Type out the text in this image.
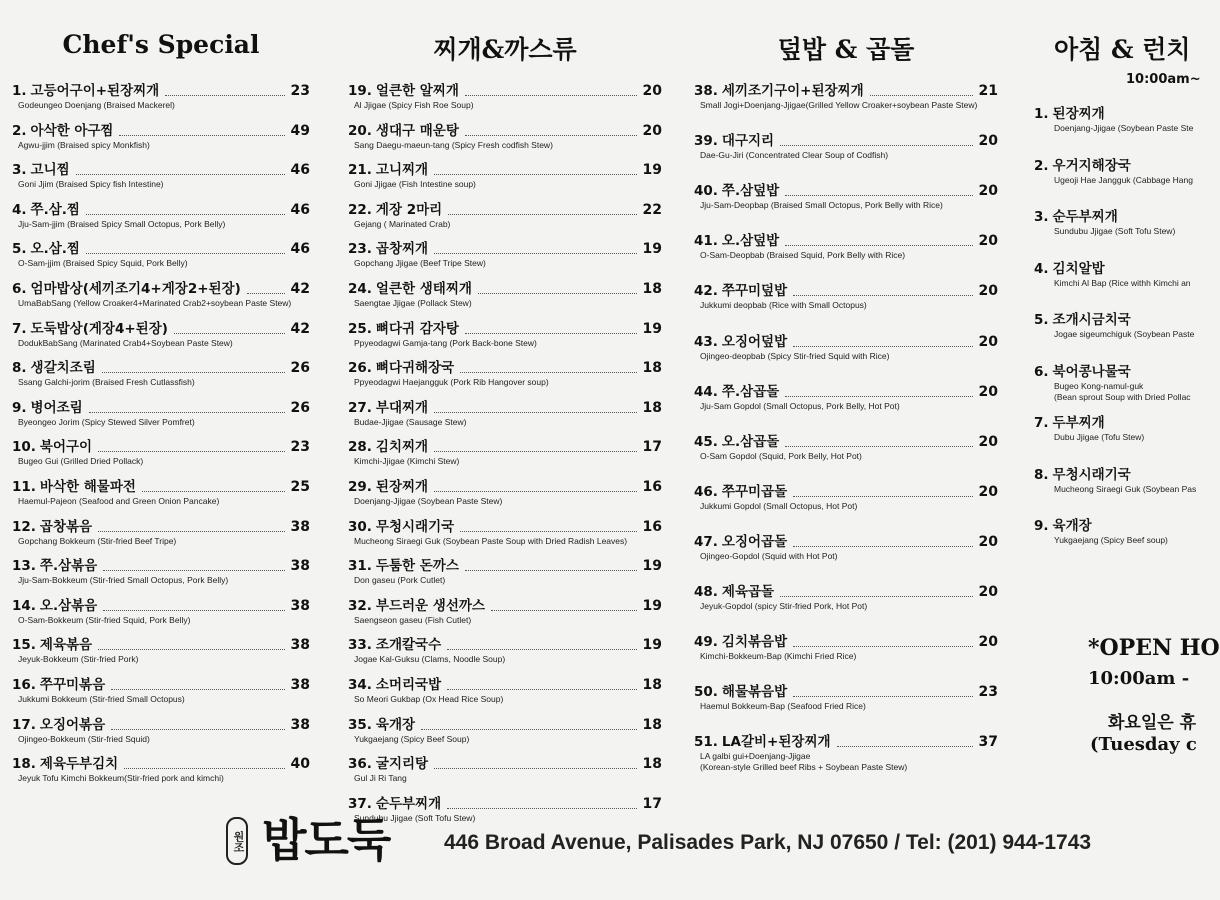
Chef's Special
1. 고등어구이+된장찌개	23
Godeungeo Doenjang (Braised Mackerel)
2. 아삭한 아구찜	49
Agwu-jjim (Braised spicy Monkfish)
3. 고니찜	46
Goni Jjim (Braised Spicy fish Intestine)
4. 쭈.삼.찜	46
Jju-Sam-jjim (Braised Spicy Small Octopus, Pork Belly)
5. 오.삼.찜	46
O-Sam-jjim (Braised Spicy Squid, Pork Belly)
6. 엄마밥상(세끼조기4+게장2+된장)	42
UmaBabSang (Yellow Croaker4+Marinated Crab2+soybean Paste Stew)
7. 도둑밥상(게장4+된장)	42
DodukBabSang (Marinated Crab4+Soybean Paste Stew)
8. 생갈치조림	26
Ssang Galchi-jorim (Braised Fresh Cutlassfish)
9. 병어조림	26
Byeongeo Jorim (Spicy Stewed Silver Pomfret)
10. 북어구이	23
Bugeo Gui (Grilled Dried Pollack)
11. 바삭한 해물파전	25
Haemul-Pajeon (Seafood and Green Onion Pancake)
12. 곱창볶음	38
Gopchang Bokkeum (Stir-fried Beef Tripe)
13. 쭈.삼볶음	38
Jju-Sam-Bokkeum (Stir-fried Small Octopus, Pork Belly)
14. 오.삼볶음	38
O-Sam-Bokkeum (Stir-fried Squid, Pork Belly)
15. 제육볶음	38
Jeyuk-Bokkeum (Stir-fried Pork)
16. 쭈꾸미볶음	38
Jukkumi Bokkeum (Stir-fried Small Octopus)
17. 오징어볶음	38
Ojingeo-Bokkeum (Stir-fried Squid)
18. 제육두부김치	40
Jeyuk Tofu Kimchi Bokkeum(Stir-fried pork and kimchi)
찌개&까스류
19. 얼큰한 알찌개	20
Al Jjigae (Spicy Fish Roe Soup)
20. 생대구 매운탕	20
Sang Daegu-maeun-tang (Spicy Fresh codfish Stew)
21. 고니찌개	19
Goni Jjigae (Fish Intestine soup)
22. 게장 2마리	22
Gejang ( Marinated Crab)
23. 곱창찌개	19
Gopchang Jjigae (Beef Tripe Stew)
24. 얼큰한 생태찌개	18
Saengtae Jjigae (Pollack Stew)
25. 뼈다귀 감자탕	19
Ppyeodagwi Gamja-tang (Pork Back-bone Stew)
26. 뼈다귀해장국	18
Ppyeodagwi Haejangguk (Pork Rib Hangover soup)
27. 부대찌개	18
Budae-Jjigae (Sausage Stew)
28. 김치찌개	17
Kimchi-Jjigae (Kimchi Stew)
29. 된장찌개	16
Doenjang-Jjigae (Soybean Paste Stew)
30. 무청시래기국	16
Mucheong Siraegi Guk (Soybean Paste Soup with Dried Radish Leaves)
31. 두툼한 돈까스	19
Don gaseu (Pork Cutlet)
32. 부드러운 생선까스	19
Saengseon gaseu (Fish Cutlet)
33. 조개칼국수	19
Jogae Kal-Guksu (Clams, Noodle Soup)
34. 소머리국밥	18
So Meori Gukbap (Ox Head Rice Soup)
35. 육개장	18
Yukgaejang (Spicy Beef Soup)
36. 굴지리탕	18
Gul Ji Ri Tang
37. 순두부찌개	17
Sundubu Jjigae (Soft Tofu Stew)
덮밥 & 곱돌
38. 세끼조기구이+된장찌개	21
Small Jogi+Doenjang-Jjigae(Grilled Yellow Croaker+soybean Paste Stew)
39. 대구지리	20
Dae-Gu-Jiri (Concentrated Clear Soup of Codfish)
40. 쭈.삼덮밥	20
Jju-Sam-Deopbap (Braised Small Octopus, Pork Belly with Rice)
41. 오.삼덮밥	20
O-Sam-Deopbab (Braised Squid, Pork Belly with Rice)
42. 쭈꾸미덮밥	20
Jukkumi deopbab (Rice with Small Octopus)
43. 오징어덮밥	20
Ojingeo-deopbab (Spicy Stir-fried Squid with Rice)
44. 쭈.삼곱돌	20
Jju-Sam Gopdol (Small Octopus, Pork Belly, Hot Pot)
45. 오.삼곱돌	20
O-Sam Gopdol (Squid, Pork Belly, Hot Pot)
46. 쭈꾸미곱돌	20
Jukkumi Gopdol (Small Octopus, Hot Pot)
47. 오징어곱돌	20
Ojingeo-Gopdol (Squid with Hot Pot)
48. 제육곱돌	20
Jeyuk-Gopdol (spicy Stir-fried Pork, Hot Pot)
49. 김치볶음밥	20
Kimchi-Bokkeum-Bap (Kimchi Fried Rice)
50. 해물볶음밥	23
Haemul Bokkeum-Bap (Seafood Fried Rice)
51. LA갈비+된장찌개	37
LA galbi gui+Doenjang-Jjigae
(Korean-style Grilled beef Ribs + Soybean Paste Stew)
아침 & 런치
10:00am~
1. 된장찌개
Doenjang-Jjigae (Soybean Paste Ste
2. 우거지해장국
Ugeoji Hae Jangguk (Cabbage Hang
3. 순두부찌개
Sundubu Jjigae (Soft Tofu Stew)
4. 김치알밥
Kimchi Al Bap (Rice withh Kimchi an
5. 조개시금치국
Jogae sigeumchiguk (Soybean Paste
6. 북어콩나물국
Bugeo Kong-namul-guk
(Bean sprout Soup with Dried Pollac
7. 두부찌개
Dubu Jjigae (Tofu Stew)
8. 무청시래기국
Mucheong Siraegi Guk (Soybean Pas
9. 육개장
Yukgaejang (Spicy Beef soup)
*OPEN HO
10:00am -
화요일은 휴
(Tuesday c
원조 밥도둑	446 Broad Avenue, Palisades Park, NJ 07650 / Tel: (201) 944-1743
